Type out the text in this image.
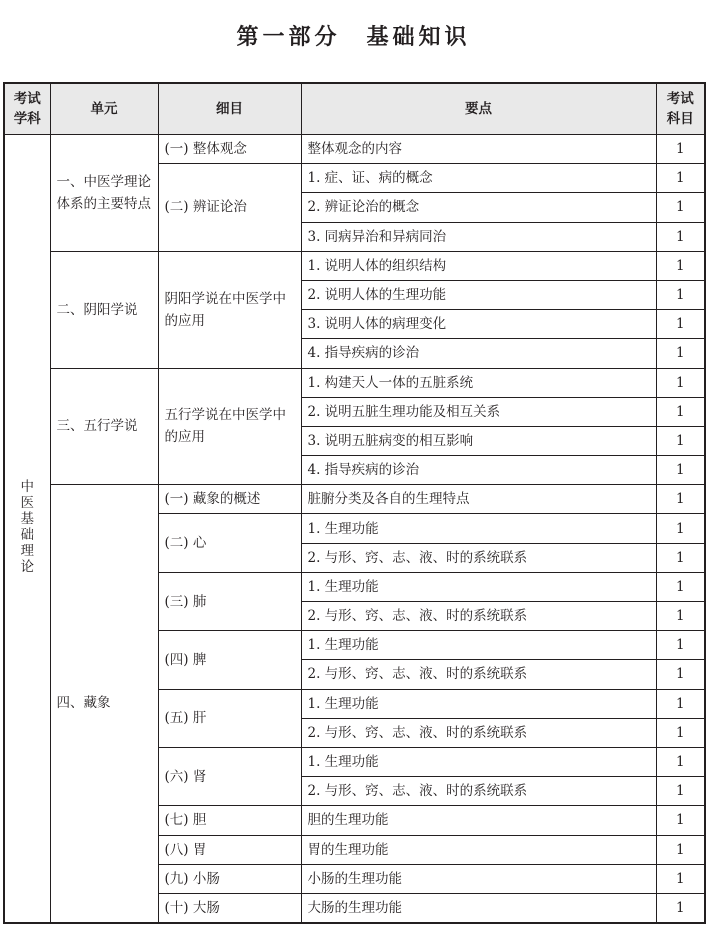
第一部分　基础知识
考试学科	单元	细目	要点	考试科目
中医基础理论	一、中医学理论体系的主要特点	(一) 整体观念	整体观念的内容	1
		(二) 辨证论治	1. 症、证、病的概念	1
			2. 辨证论治的概念	1
			3. 同病异治和异病同治	1
	二、阴阳学说	阴阳学说在中医学中的应用	1. 说明人体的组织结构	1
			2. 说明人体的生理功能	1
			3. 说明人体的病理变化	1
			4. 指导疾病的诊治	1
	三、五行学说	五行学说在中医学中的应用	1. 构建天人一体的五脏系统	1
			2. 说明五脏生理功能及相互关系	1
			3. 说明五脏病变的相互影响	1
			4. 指导疾病的诊治	1
	四、藏象	(一) 藏象的概述	脏腑分类及各自的生理特点	1
		(二) 心	1. 生理功能	1
			2. 与形、窍、志、液、时的系统联系	1
		(三) 肺	1. 生理功能	1
			2. 与形、窍、志、液、时的系统联系	1
		(四) 脾	1. 生理功能	1
			2. 与形、窍、志、液、时的系统联系	1
		(五) 肝	1. 生理功能	1
			2. 与形、窍、志、液、时的系统联系	1
		(六) 肾	1. 生理功能	1
			2. 与形、窍、志、液、时的系统联系	1
		(七) 胆	胆的生理功能	1
		(八) 胃	胃的生理功能	1
		(九) 小肠	小肠的生理功能	1
		(十) 大肠	大肠的生理功能	1
